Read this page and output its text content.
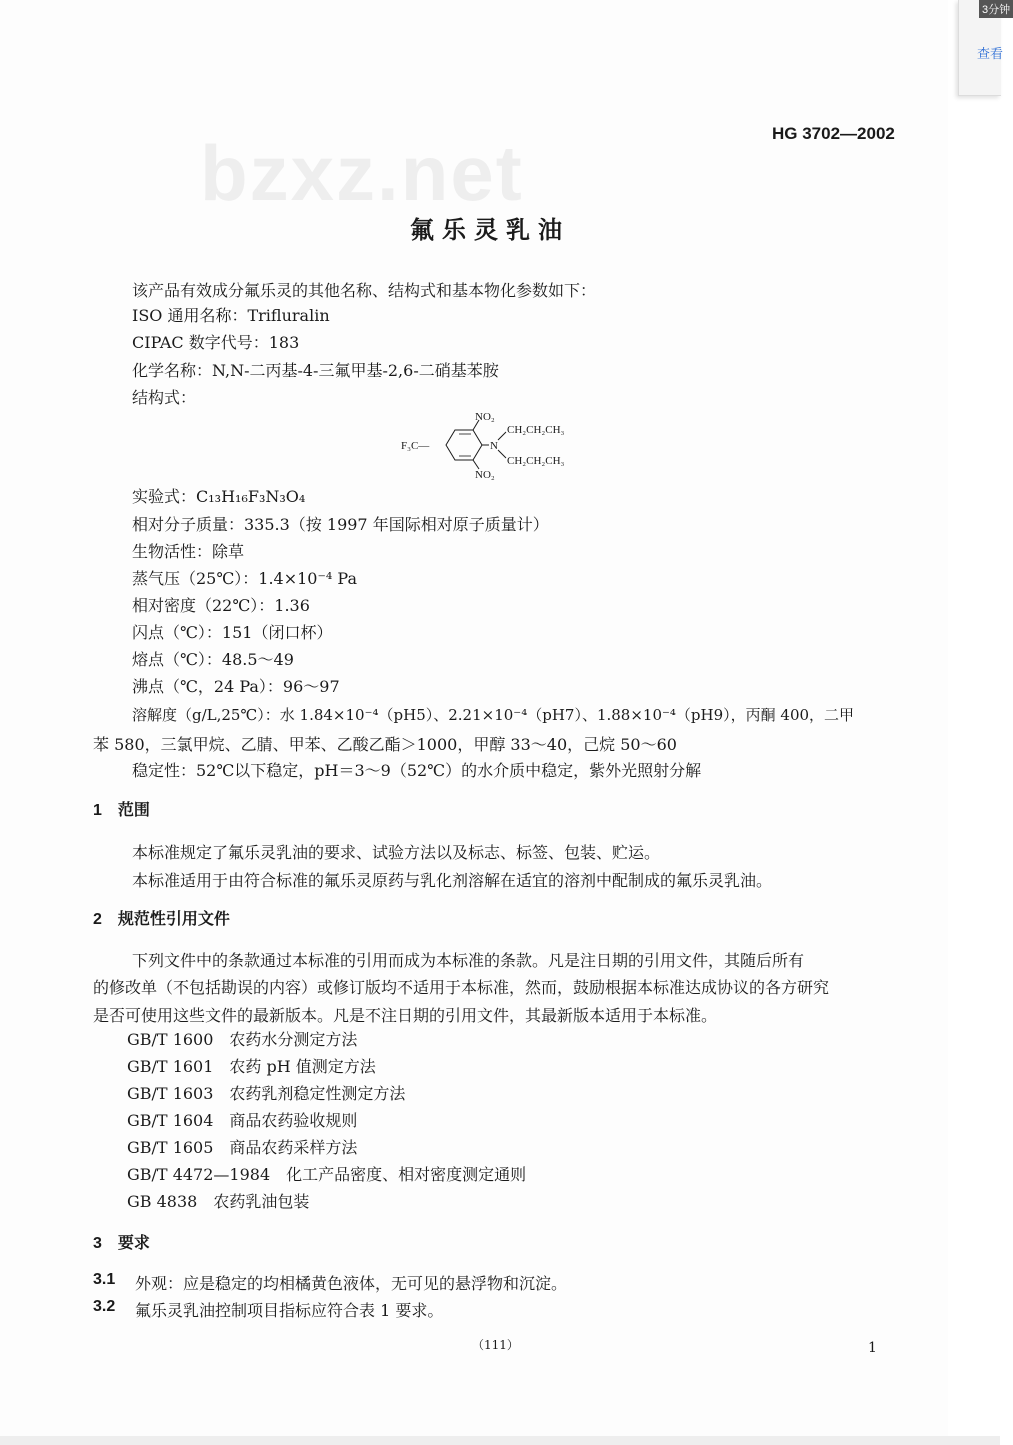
bzxz.net	HG 3702—2002
氟乐灵乳油
该产品有效成分氟乐灵的其他名称、结构式和基本物化参数如下：
ISO 通用名称：Trifluralin
CIPAC 数字代号：183
化学名称：N,N-二丙基-4-三氟甲基-2,6-二硝基苯胺
结构式：
F₃C—
NO₂
NO₂
N
CH₂CH₂CH₃
CH₂CH₂CH₃
实验式：C₁₃H₁₆F₃N₃O₄
相对分子质量：335.3（按 1997 年国际相对原子质量计）
生物活性：除草
蒸气压（25℃）：1.4×10⁻⁴ Pa
相对密度（22℃）：1.36
闪点（℃）：151（闭口杯）
熔点（℃）：48.5～49
沸点（℃，24 Pa）：96～97
溶解度（g/L,25℃）：水 1.84×10⁻⁴（pH5）、2.21×10⁻⁴（pH7）、1.88×10⁻⁴（pH9），丙酮 400，二甲
苯 580，三氯甲烷、乙腈、甲苯、乙酸乙酯＞1000，甲醇 33～40，己烷 50～60
稳定性：52℃以下稳定，pH＝3～9（52℃）的水介质中稳定，紫外光照射分解
1　范围
本标准规定了氟乐灵乳油的要求、试验方法以及标志、标签、包装、贮运。
本标准适用于由符合标准的氟乐灵原药与乳化剂溶解在适宜的溶剂中配制成的氟乐灵乳油。
2　规范性引用文件
下列文件中的条款通过本标准的引用而成为本标准的条款。凡是注日期的引用文件，其随后所有
的修改单（不包括勘误的内容）或修订版均不适用于本标准，然而，鼓励根据本标准达成协议的各方研究
是否可使用这些文件的最新版本。凡是不注日期的引用文件，其最新版本适用于本标准。
GB/T 1600　农药水分测定方法
GB/T 1601　农药 pH 值测定方法
GB/T 1603　农药乳剂稳定性测定方法
GB/T 1604　商品农药验收规则
GB/T 1605　商品农药采样方法
GB/T 4472—1984　化工产品密度、相对密度测定通则
GB 4838　农药乳油包装
3　要求
3.1 外观：应是稳定的均相橘黄色液体，无可见的悬浮物和沉淀。
3.2 氟乐灵乳油控制项目指标应符合表 1 要求。
（111）	1
3分钟
查看
